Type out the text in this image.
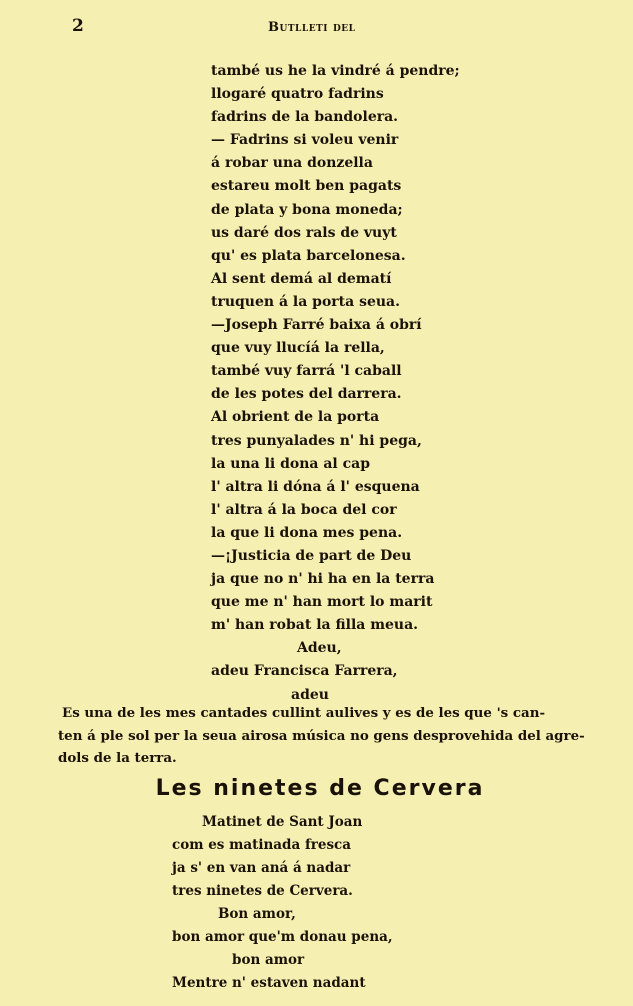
2	Butlleti del
també us he la vindré á pendre;
llogaré quatro fadrins
fadrins de la bandolera.
— Fadrins si voleu venir
á robar una donzella
estareu molt ben pagats
de plata y bona moneda;
us daré dos rals de vuyt
qu' es plata barcelonesa.
Al sent demá al dematí
truquen á la porta seua.
—Joseph Farré baixa á obrí
que vuy llucíá la rella,
també vuy farrá 'l caball
de les potes del darrera.
Al obrient de la porta
tres punyalades n' hi pega,
la una li dona al cap
l' altra li dóna á l' esquena
l' altra á la boca del cor
la que li dona mes pena.
—¡Justicia de part de Deu
ja que no n' hi ha en la terra
que me n' han mort lo marit
m' han robat la filla meua.
Adeu,
adeu Francisca Farrera,
adeu
Es una de les mes cantades cullint aulives y es de les que 's can-
ten á ple sol per la seua airosa música no gens desprovehida del agre-
dols de la terra.
Les ninetes de Cervera
Matinet de Sant Joan
com es matinada fresca
ja s' en van aná á nadar
tres ninetes de Cervera.
Bon amor,
bon amor que'm donau pena,
bon amor
Mentre n' estaven nadant
